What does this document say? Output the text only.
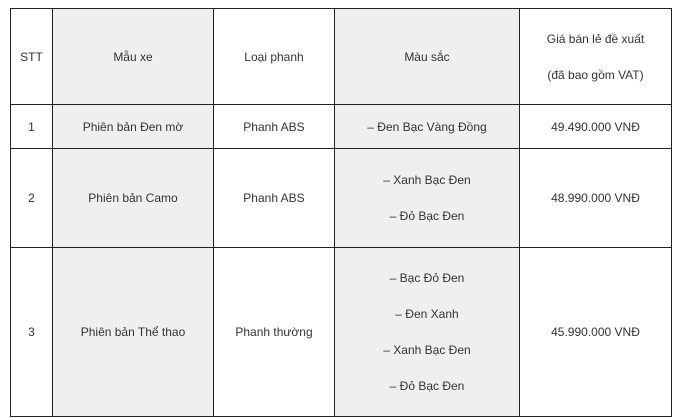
STT	Mẫu xe	Loại phanh	Màu sắc	Giá bán lẻ đề xuất
(đã bao gồm VAT)

1	Phiên bản Đen mờ	Phanh ABS	– Đen Bạc Vàng Đồng	49.490.000 VNĐ
2	Phiên bản Camo	Phanh ABS	– Xanh Bạc Đen
– Đỏ Bạc Đen	48.990.000 VNĐ
3	Phiên bản Thể thao	Phanh thường	– Bạc Đỏ Đen
– Đen Xanh
– Xanh Bạc Đen
– Đỏ Bạc Đen	45.990.000 VNĐ
